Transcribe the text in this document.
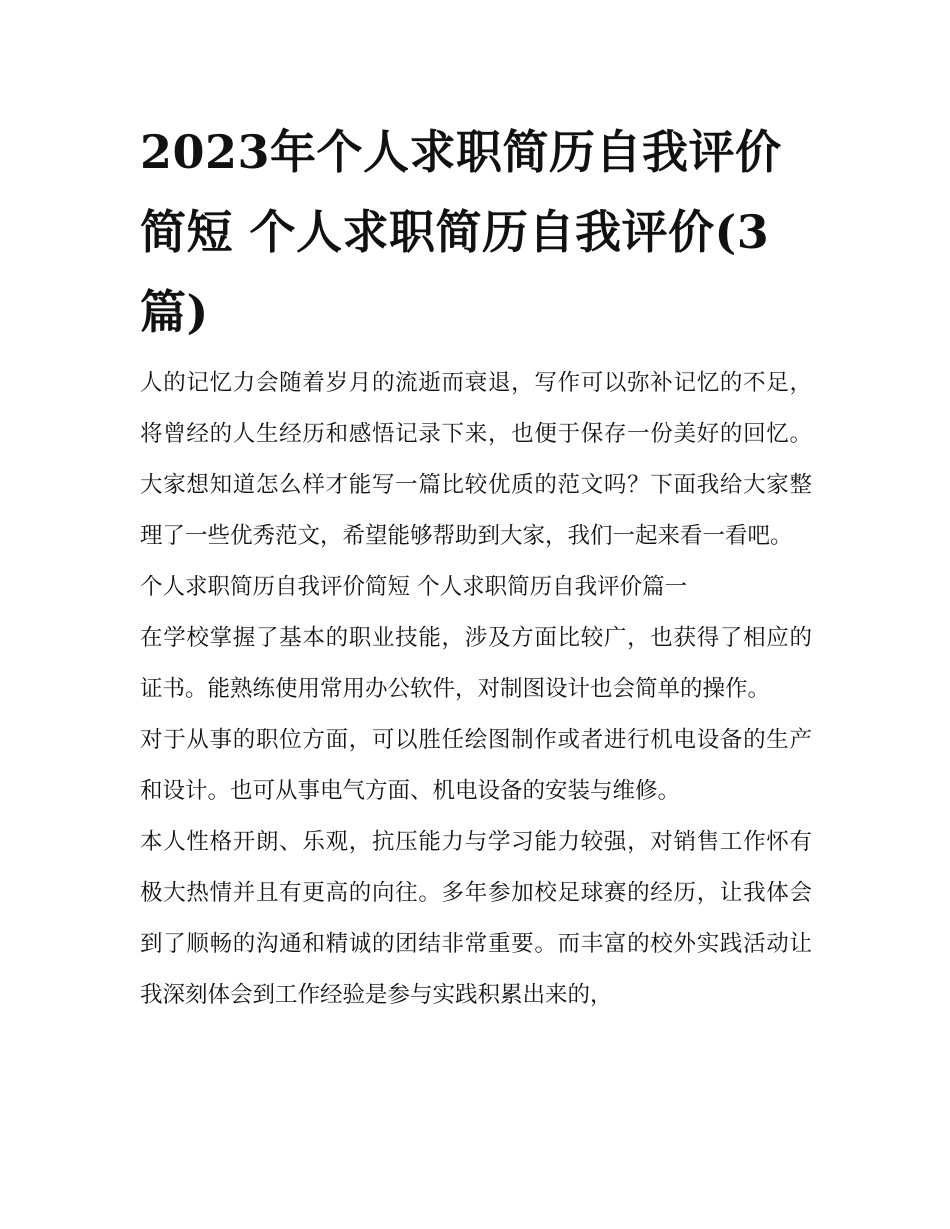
2023年个人求职简历自我评价简短 个人求职简历自我评价(3篇)

人的记忆力会随着岁月的流逝而衰退，写作可以弥补记忆的不足，将曾经的人生经历和感悟记录下来，也便于保存一份美好的回忆。大家想知道怎么样才能写一篇比较优质的范文吗？下面我给大家整理了一些优秀范文，希望能够帮助到大家，我们一起来看一看吧。

个人求职简历自我评价简短 个人求职简历自我评价篇一

在学校掌握了基本的职业技能，涉及方面比较广，也获得了相应的证书。能熟练使用常用办公软件，对制图设计也会简单的操作。

对于从事的职位方面，可以胜任绘图制作或者进行机电设备的生产和设计。也可从事电气方面、机电设备的安装与维修。

本人性格开朗、乐观，抗压能力与学习能力较强，对销售工作怀有极大热情并且有更高的向往。多年参加校足球赛的经历，让我体会到了顺畅的沟通和精诚的团结非常重要。而丰富的校外实践活动让我深刻体会到工作经验是参与实践积累出来的，
